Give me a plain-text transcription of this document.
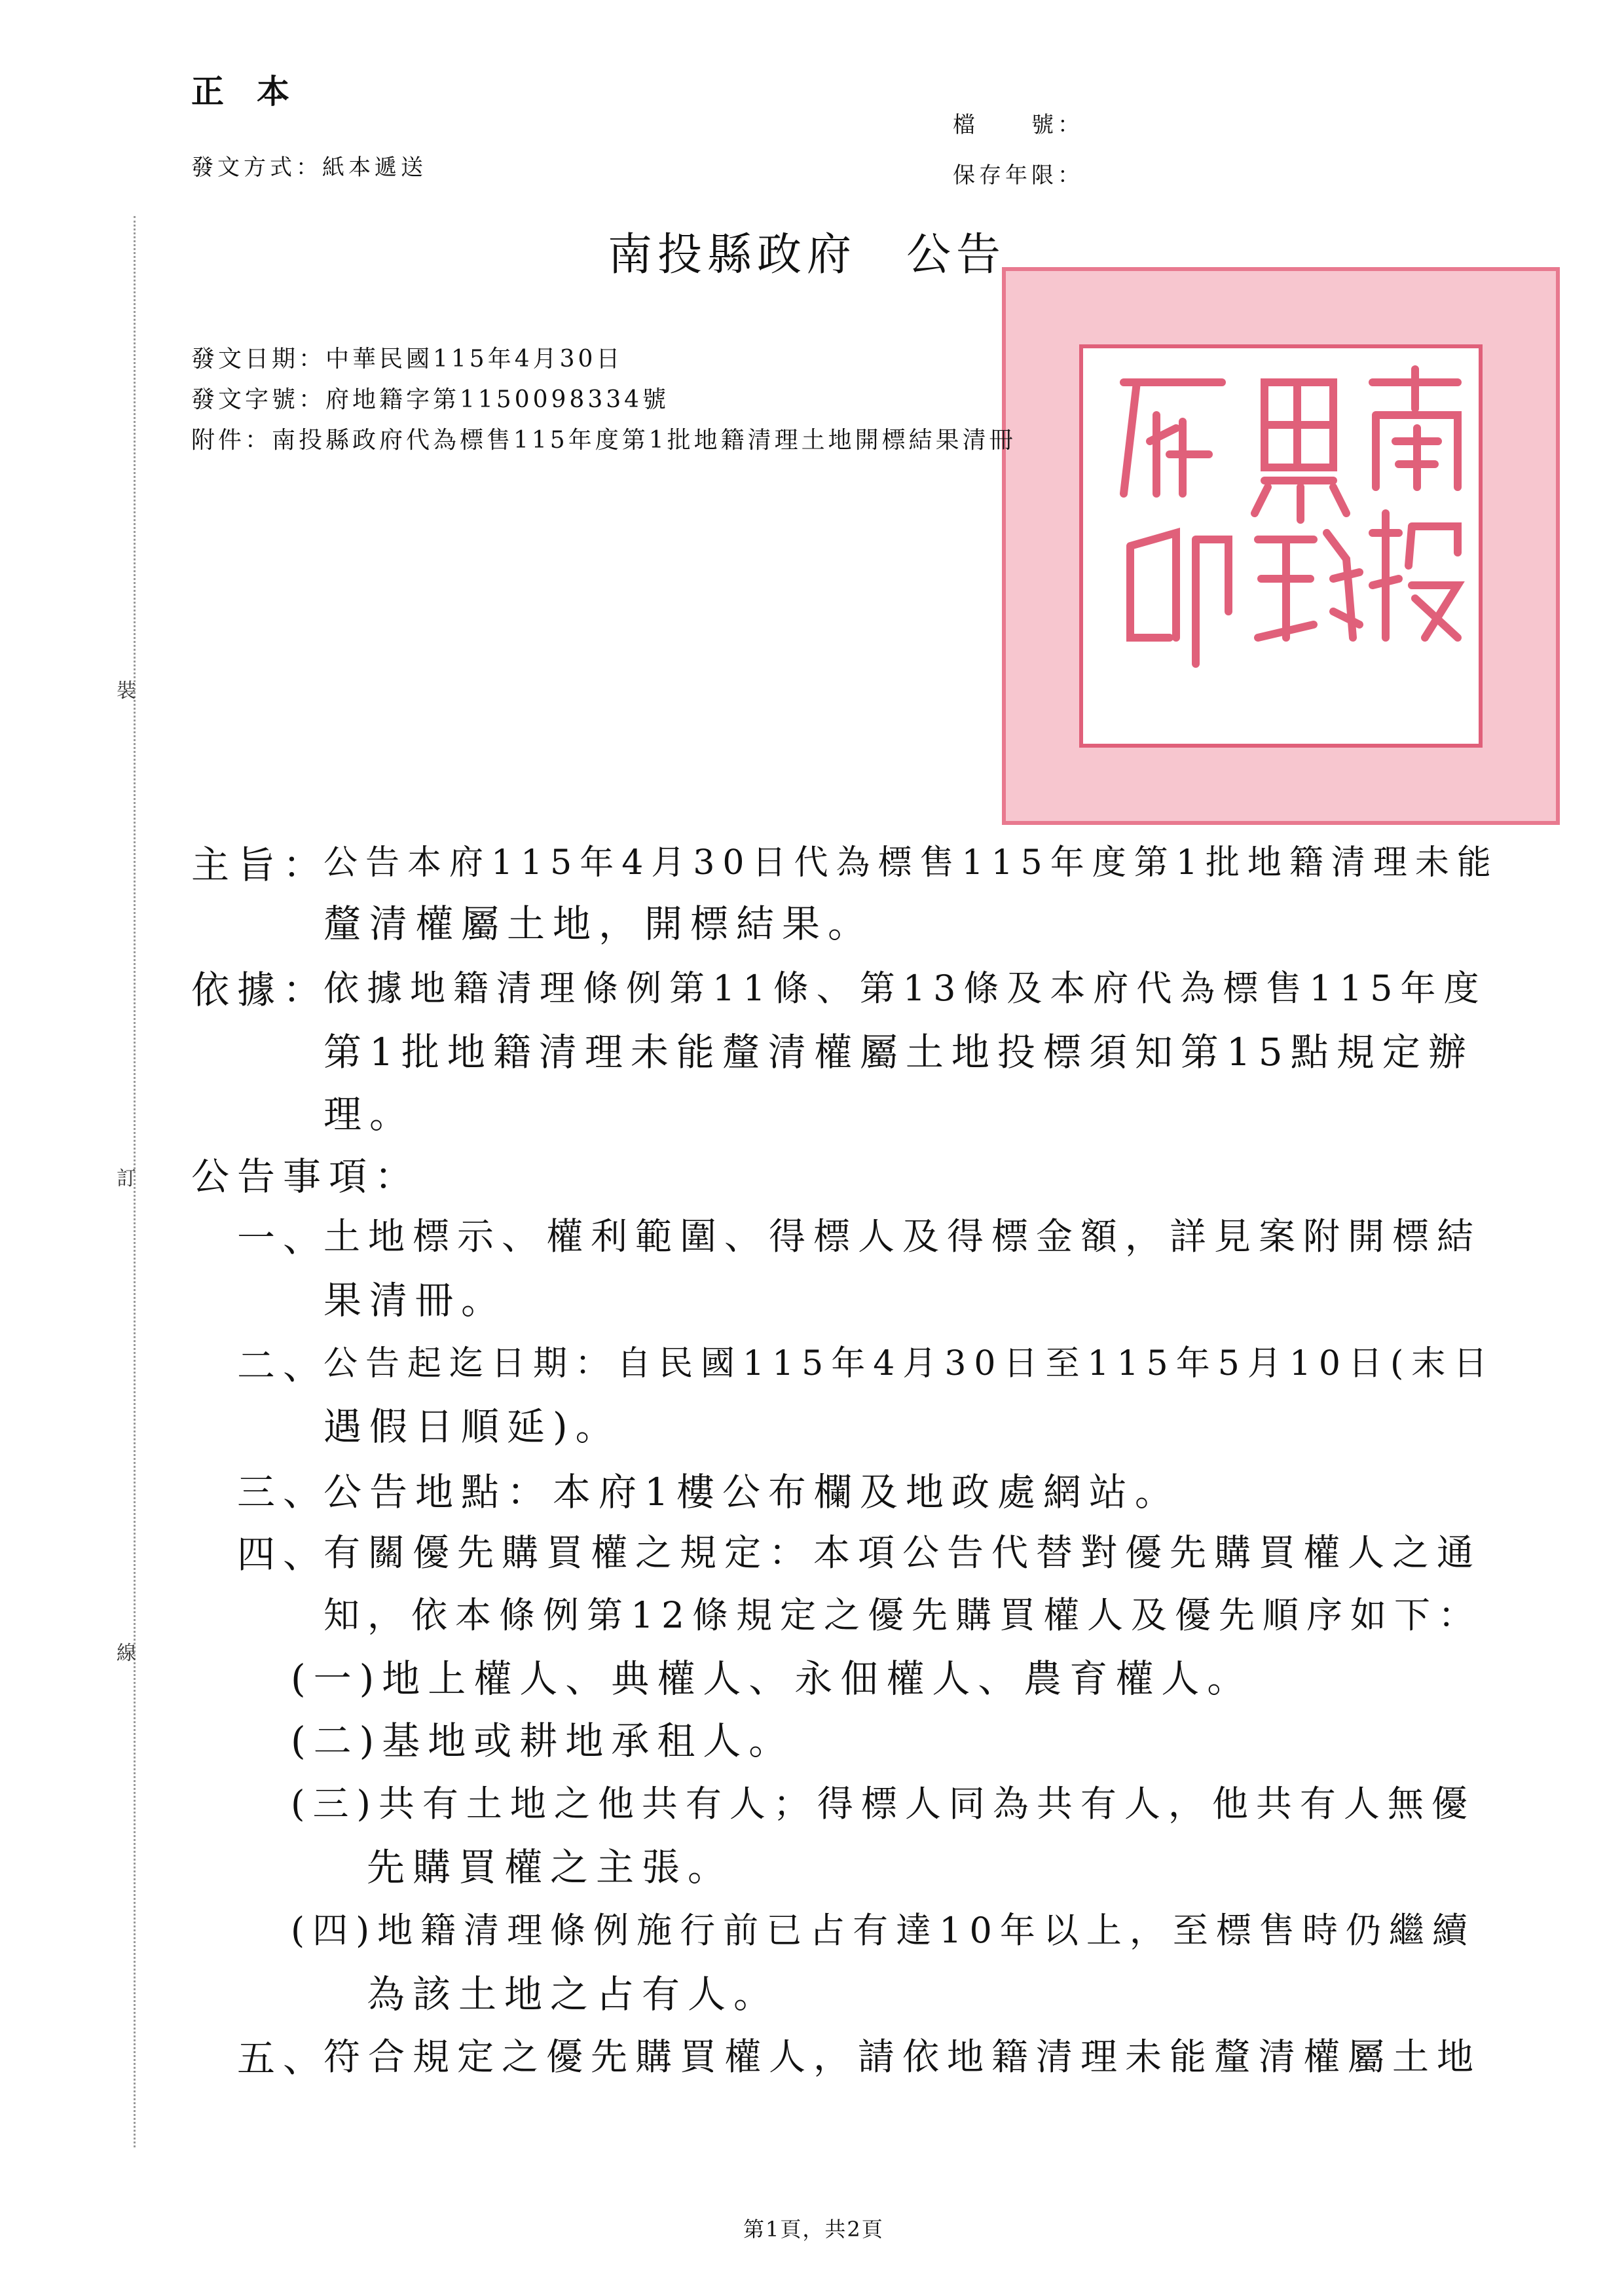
裝
訂
線
正　本
發文方式：紙本遞送
檔　　號：
保存年限：
南投縣政府　公告
發文日期：中華民國115年4月30日
發文字號：府地籍字第1150098334號
附件：南投縣政府代為標售115年度第1批地籍清理土地開標結果清冊
主旨：
公告本府115年4月30日代為標售115年度第1批地籍清理未能
釐清權屬土地，開標結果。
依據：
依據地籍清理條例第11條、第13條及本府代為標售115年度
第1批地籍清理未能釐清權屬土地投標須知第15點規定辦
理。
公告事項：
一、
土地標示、權利範圍、得標人及得標金額，詳見案附開標結
果清冊。
二、
公告起迄日期：自民國115年4月30日至115年5月10日(末日
遇假日順延)。
三、
公告地點：本府1樓公布欄及地政處網站。
四、
有關優先購買權之規定：本項公告代替對優先購買權人之通
知，依本條例第12條規定之優先購買權人及優先順序如下：
(一)地上權人、典權人、永佃權人、農育權人。
(二)基地或耕地承租人。
(三)共有土地之他共有人；得標人同為共有人，他共有人無優
先購買權之主張。
(四)地籍清理條例施行前已占有達10年以上，至標售時仍繼續
為該土地之占有人。
五、
符合規定之優先購買權人，請依地籍清理未能釐清權屬土地
第1頁，共2頁
